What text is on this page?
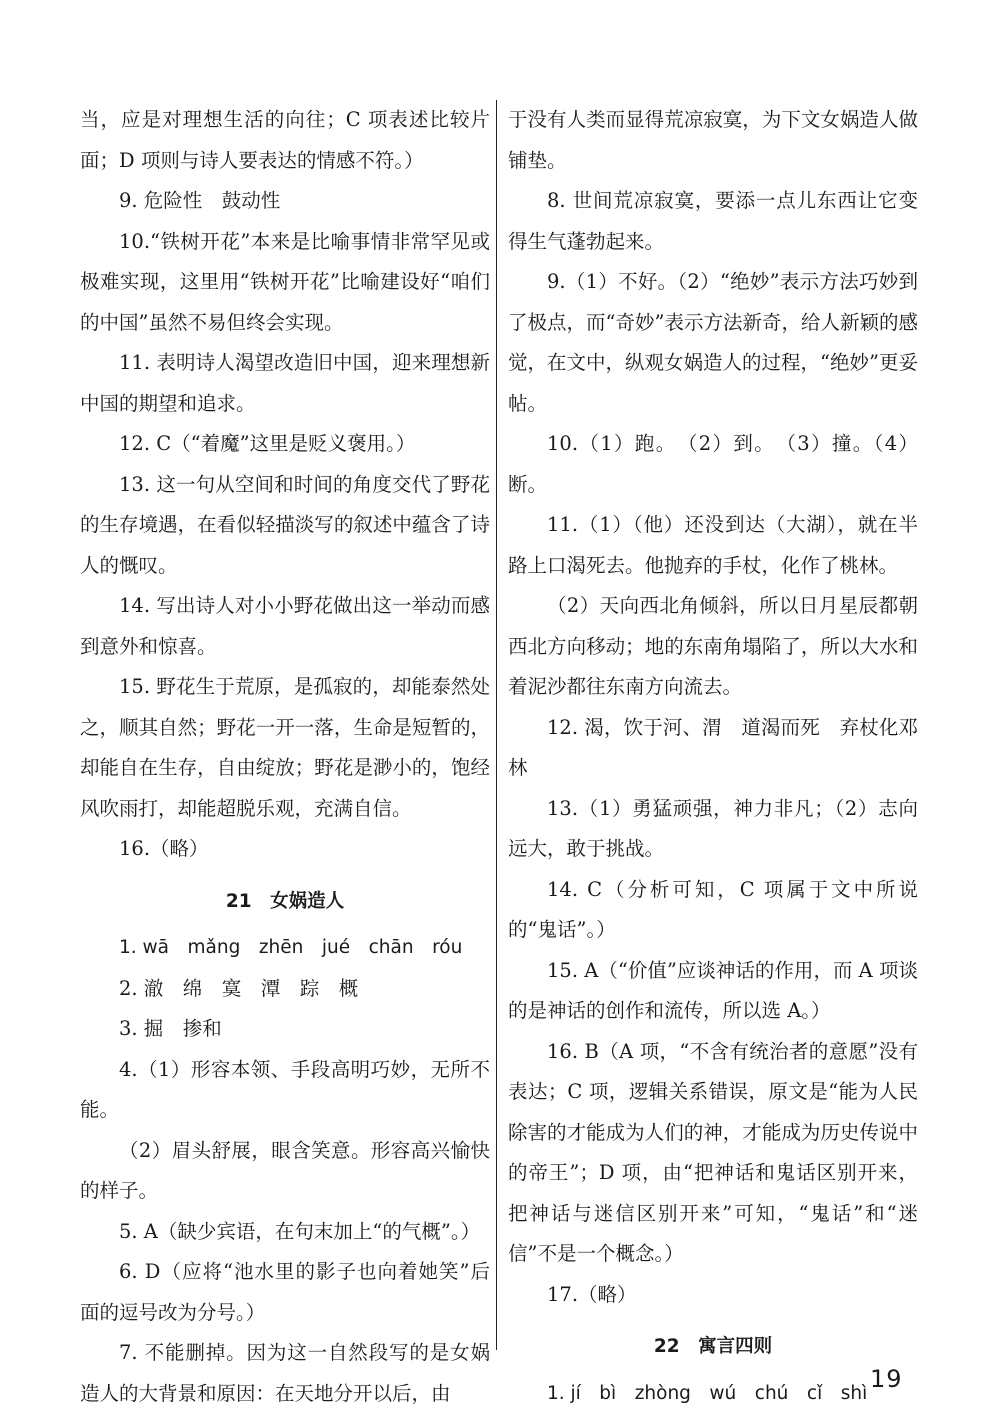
当，应是对理想生活的向往；C 项表述比较片面；D 项则与诗人要表达的情感不符。）

9. 危险性　鼓动性

10.“铁树开花”本来是比喻事情非常罕见或极难实现，这里用“铁树开花”比喻建设好“咱们的中国”虽然不易但终会实现。

11. 表明诗人渴望改造旧中国，迎来理想新中国的期望和追求。

12. C（“着魔”这里是贬义褒用。）

13. 这一句从空间和时间的角度交代了野花的生存境遇，在看似轻描淡写的叙述中蕴含了诗人的慨叹。

14. 写出诗人对小小野花做出这一举动而感到意外和惊喜。

15. 野花生于荒原，是孤寂的，却能泰然处之，顺其自然；野花一开一落，生命是短暂的，却能自在生存，自由绽放；野花是渺小的，饱经风吹雨打，却能超脱乐观，充满自信。

16.（略）

21　女娲造人

1. wā　mǎng　zhēn　jué　chān　róu

2. 澈　绵　寞　潭　踪　概

3. 掘　掺和

4.（1）形容本领、手段高明巧妙，无所不能。

（2）眉头舒展，眼含笑意。形容高兴愉快的样子。

5. A（缺少宾语，在句末加上“的气概”。）

6. D（应将“池水里的影子也向着她笑”后面的逗号改为分号。）

7. 不能删掉。因为这一自然段写的是女娲造人的大背景和原因：在天地分开以后，由

于没有人类而显得荒凉寂寞，为下文女娲造人做铺垫。

8. 世间荒凉寂寞，要添一点儿东西让它变得生气蓬勃起来。

9.（1）不好。（2）“绝妙”表示方法巧妙到了极点，而“奇妙”表示方法新奇，给人新颖的感觉，在文中，纵观女娲造人的过程，“绝妙”更妥帖。

10.（1）跑。　（2）到。　（3）撞。（4）断。

11.（1）（他）还没到达（大湖），就在半路上口渴死去。他抛弃的手杖，化作了桃林。

（2）天向西北角倾斜，所以日月星辰都朝西北方向移动；地的东南角塌陷了，所以大水和着泥沙都往东南方向流去。

12. 渴，饮于河、渭　道渴而死　弃杖化邓林

13.（1）勇猛顽强，神力非凡；（2）志向远大，敢于挑战。

14. C（分析可知，C 项属于文中所说的“鬼话”。）

15. A（“价值”应谈神话的作用，而 A 项谈的是神话的创作和流传，所以选 A。）

16. B（A 项，“不含有统治者的意愿”没有表达；C 项，逻辑关系错误，原文是“能为人民除害的才能成为人们的神，才能成为历史传说中的帝王”；D 项，由“把神话和鬼话区别开来，把神话与迷信区别开来”可知，“鬼话”和“迷信”不是一个概念。）

17.（略）

22　寓言四则

1. jí　bì　zhòng　wú　chú　cǐ　shì 19
